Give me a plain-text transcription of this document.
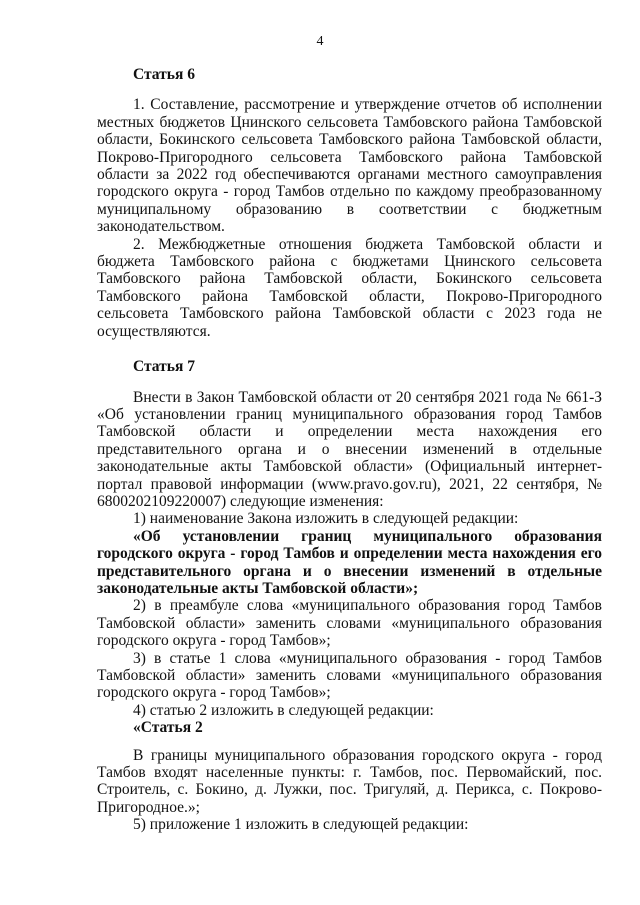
4

Статья 6

1. Составление, рассмотрение и утверждение отчетов об исполнении местных бюджетов Цнинского сельсовета Тамбовского района Тамбовской области, Бокинского сельсовета Тамбовского района Тамбовской области, Покрово-Пригородного сельсовета Тамбовского района Тамбовской области за 2022 год обеспечиваются органами местного самоуправления городского округа - город Тамбов отдельно по каждому преобразованному муниципальному образованию в соответствии с бюджетным законодательством.

2. Межбюджетные отношения бюджета Тамбовской области и бюджета Тамбовского района с бюджетами Цнинского сельсовета Тамбовского района Тамбовской области, Бокинского сельсовета Тамбовского района Тамбовской области, Покрово-Пригородного сельсовета Тамбовского района Тамбовской области с 2023 года не осуществляются.

Статья 7

Внести в Закон Тамбовской области от 20 сентября 2021 года № 661-З «Об установлении границ муниципального образования город Тамбов Тамбовской области и определении места нахождения его представительного органа и о внесении изменений в отдельные законодательные акты Тамбовской области» (Официальный интернет-портал правовой информации (www.pravo.gov.ru), 2021, 22 сентября, № 6800202109220007) следующие изменения:

1) наименование Закона изложить в следующей редакции:

«Об установлении границ муниципального образования городского округа - город Тамбов и определении места нахождения его представительного органа и о внесении изменений в отдельные законодательные акты Тамбовской области»;

2) в преамбуле слова «муниципального образования город Тамбов Тамбовской области» заменить словами «муниципального образования городского округа - город Тамбов»;

3) в статье 1 слова «муниципального образования - город Тамбов Тамбовской области» заменить словами «муниципального образования городского округа - город Тамбов»;

4) статью 2 изложить в следующей редакции:

«Статья 2

В границы муниципального образования городского округа - город Тамбов входят населенные пункты: г. Тамбов, пос. Первомайский, пос. Строитель, с. Бокино, д. Лужки, пос. Тригуляй, д. Перикса, с. Покрово-Пригородное.»;

5) приложение 1 изложить в следующей редакции:
